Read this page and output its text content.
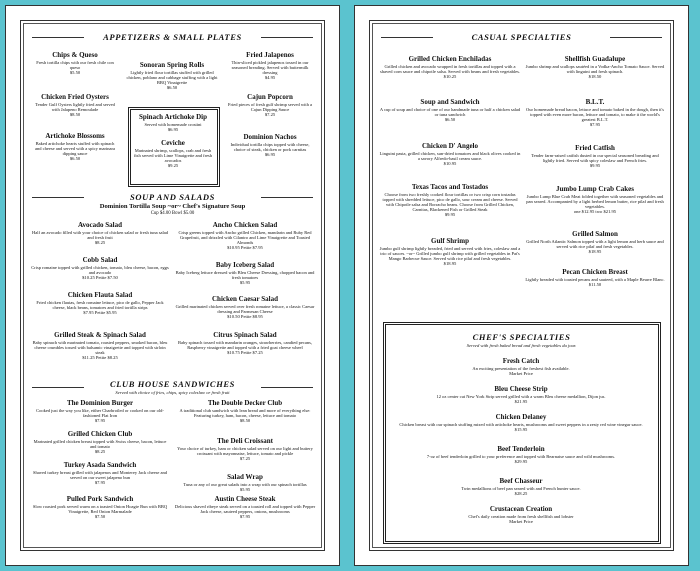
APPETIZERS & SMALL PLATES
Chips & Queso
Fresh tortilla chips with our fresh chile con queso
$5.50
Chicken Fried Oysters
Tender Gulf Oysters lightly fried and served with Jalapeno Remoulade
$8.50
Artichoke Blossoms
Baked artichoke hearts stuffed with spinach and cheese and served with a spicy marinara dipping sauce
$6.50
Sonoran Spring Rolls
Lightly fried flour tortillas stuffed with grilled chicken, poblano and cabbage stuffing with a light BBQ Vinaigrette
$6.50
Spinach Artichoke Dip
Served with homemade crostini
$6.95
Ceviche
Marinated shrimp, scallops, crab and fresh fish served with Lime Vinaigrette and fresh avocados
$9.25
Fried Jalapenos
Thin-sliced pickled jalapenos tossed in our seasoned breading. Served with buttermilk dressing
$4.95
Cajun Popcorn
Fried pieces of fresh gulf shrimp served with a Cajun Dipping Sauce
$7.25
Dominion Nachos
Individual tortilla chips topped with cheese, choice of steak, chicken or pork carnitas
$6.95
SOUP AND SALADS
Dominion Tortilla Soup ~or~ Chef's Signature Soup
Cup $4.00 Bowl $5.00
Avocado Salad
Half an avocado filled with your choice of chicken salad or fresh tuna salad and fresh fruit
$8.25
Cobb Salad
Crisp romaine topped with grilled chicken, tomato, bleu cheese, bacon, eggs and avocado
$10.25 Petite $7.50
Chicken Flauta Salad
Fried chicken flautas, fresh romaine lettuce, pico de gallo, Pepper Jack cheese, black beans, tomatoes and fried tortilla strips
$7.95 Petite $5.95
Grilled Steak & Spinach Salad
Baby spinach with marinated tomato, roasted peppers, smoked bacon, bleu cheese crumbles tossed with balsamic vinaigrette and topped with sirloin steak
$11.25 Petite $8.25
Ancho Chicken Salad
Crisp greens topped with Ancho grilled Chicken, mandarin and Ruby Red Grapefruit, and drizzled with Cilantro and Lime Vinaigrette and Toasted Almonds
$10.95 Petite $7.95
Baby Iceberg Salad
Baby Iceberg lettuce dressed with Bleu Cheese Dressing, chopped bacon and fresh tomatoes
$5.95
Chicken Caesar Salad
Grilled marinated chicken served over fresh romaine lettuce, a classic Caesar dressing and Parmesan Cheese
$10.50 Petite $8.95
Citrus Spinach Salad
Baby spinach tossed with mandarin oranges, strawberries, candied pecans, Raspberry vinaigrette and topped with a fried goat cheese wheel
$10.75 Petite $7.25
CLUB HOUSE SANDWICHES
Served with choice of fries, chips, spicy coleslaw or fresh fruit
The Dominion Burger
Cooked just the way you like, either Charbroiled or cooked on our old-fashioned Flat Iron
$7.95
Grilled Chicken Club
Marinated grilled chicken breast topped with Swiss cheese, bacon, lettuce and tomato
$8.25
Turkey Asada Sandwich
Shaved turkey breast grilled with jalapenos and Monterey Jack cheese and served on our sweet jalapeno bun
$7.95
Pulled Pork Sandwich
Slow roasted pork served warm on a toasted Onion Hoagie Bun with BBQ Vinaigrette, Red Onion Marmalade
$7.50
The Double Decker Club
A traditional club sandwich with lean bread and more of everything else: Featuring turkey, ham, bacon, cheese, lettuce and tomato
$8.50
The Deli Croissant
Your choice of turkey, ham or chicken salad served on our light and buttery croissant with mayonnaise, lettuce, tomato and pickle
$7.25
Salad Wrap
Tuna or any of our great salads into a wrap with our spinach tortillas
$5.95
Austin Cheese Steak
Delicious shaved ribeye steak served on a toasted roll and topped with Pepper Jack cheese, sauteed peppers, onions, mushrooms
$7.95
CASUAL SPECIALTIES
Grilled Chicken Enchiladas
Grilled chicken and avocado wrapped in fresh tortillas and topped with a shaved corn sauce and chipotle salsa. Served with beans and fresh vegetables.
$10.25
Soup and Sandwich
A cup of soup and choice of one of our handmade tuna or half a chicken salad or tuna sandwich
$6.50
Chicken D' Angelo
Linguini pasta, grilled chicken, sun-dried tomatoes and black olives cooked in a savory Alfredo-basil cream sauce.
$10.95
Texas Tacos and Tostados
Choose from two freshly cooked flour tortillas or two crisp corn tostadas topped with shredded lettuce, pico de gallo, sour cream and cheese. Served with Chipotle salsa and Borracho beans. Choose from Grilled Chicken, Carnitas, Blackened Fish or Grilled Steak
$9.95
Gulf Shrimp
Jumbo gulf shrimp lightly breaded, fried and served with fries, coleslaw and a trio of sauces. ~or~ Grilled jumbo gulf shrimp with grilled vegetables in Pat's Mango Barbecue Sauce. Served with rice pilaf and fresh vegetables.
$18.95
Shellfish Guadalupe
Jumbo shrimp and scallops sautéed in a Vodka-Ancho Tomato Sauce. Served with linguini and fresh spinach.
$18.50
B.L.T.
Our homemade bread bacon, lettuce and tomato baked in the dough, then it's topped with even more bacon, lettuce and tomato, to make it the world's greatest B.L.T.
$7.95
Fried Catfish
Tender farm-raised catfish dusted in our special seasoned breading and lightly fried. Served with spicy coleslaw and French fries.
$9.95
Jumbo Lump Crab Cakes
Jumbo Lump Blue Crab Meat folded together with seasoned vegetables and pan seared. Accompanied by a light herbed lemon butter, rice pilaf and fresh vegetables.
one $12.95 two $21.95
Grilled Salmon
Grilled North Atlantic Salmon topped with a light lemon and herb sauce and served with rice pilaf and fresh vegetables.
$18.95
Pecan Chicken Breast
Lightly breaded with toasted pecans and sauteed, with a Maple Beurre Blanc.
$11.50
CHEF'S SPECIALTIES
Served with fresh baked bread and fresh vegetables du jour.
Fresh Catch
An exciting presentation of the freshest fish available.
Market Price
Bleu Cheese Strip
12 oz center cut New York Strip served grilled with a warm Bleu cheese medallion, Dijon jus.
$21.95
Chicken Delaney
Chicken breast with our spinach stuffing mixed with artichoke hearts, mushrooms and sweet peppers in a zesty red wine vinegar sauce.
$15.95
Beef Tenderloin
7-oz of beef tenderloin grilled to your preference and topped with Bearnaise sauce and wild mushrooms.
$29.95
Beef Chasseur
Twin medallions of beef pan seared with and French hunter sauce.
$28.25
Crustacean Creation
Chef's daily creation made from fresh shellfish and lobster
Market Price
